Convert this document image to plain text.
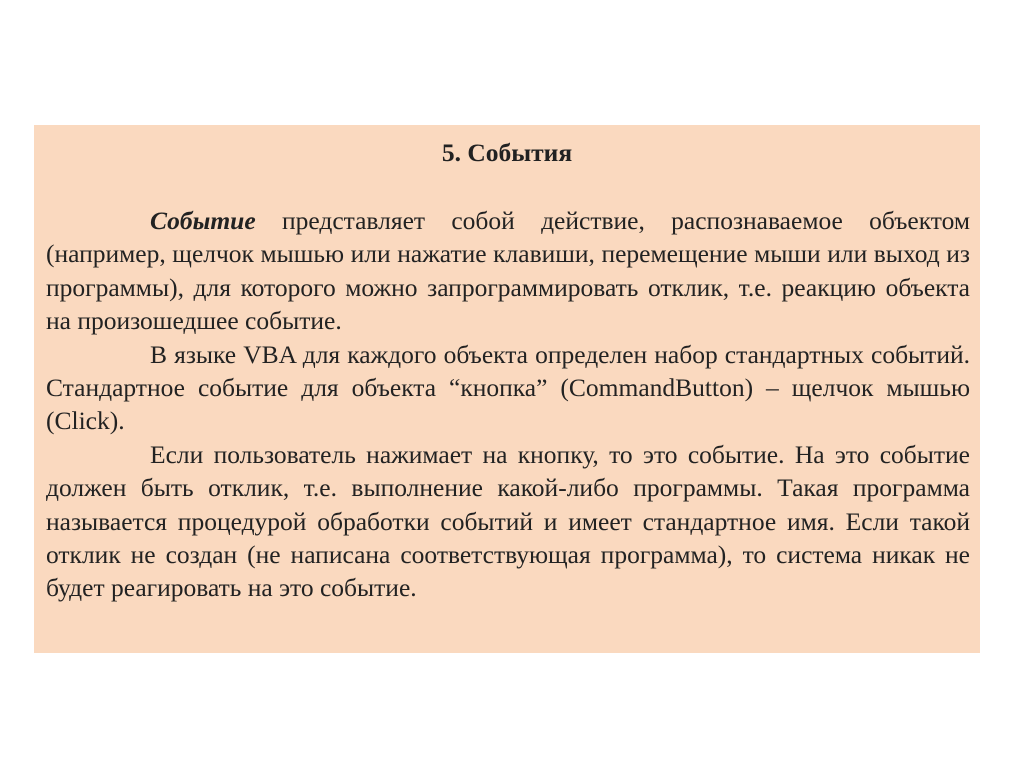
5. События

Событие представляет собой действие, распознаваемое объектом (например, щелчок мышью или нажатие клавиши, перемещение мыши или выход из программы), для которого можно запрограммировать отклик, т.е. реакцию объекта на произошедшее событие.

В языке VBA для каждого объекта определен набор стандартных событий. Стандартное событие для объекта “кнопка” (CommandButton) – щелчок мышью (Click).

Если пользователь нажимает на кнопку, то это событие. На это событие должен быть отклик, т.е. выполнение какой-либо программы. Такая программа называется процедурой обработки событий и имеет стандартное имя. Если такой отклик не создан (не написана соответствующая программа), то система никак не будет реагировать на это событие.
